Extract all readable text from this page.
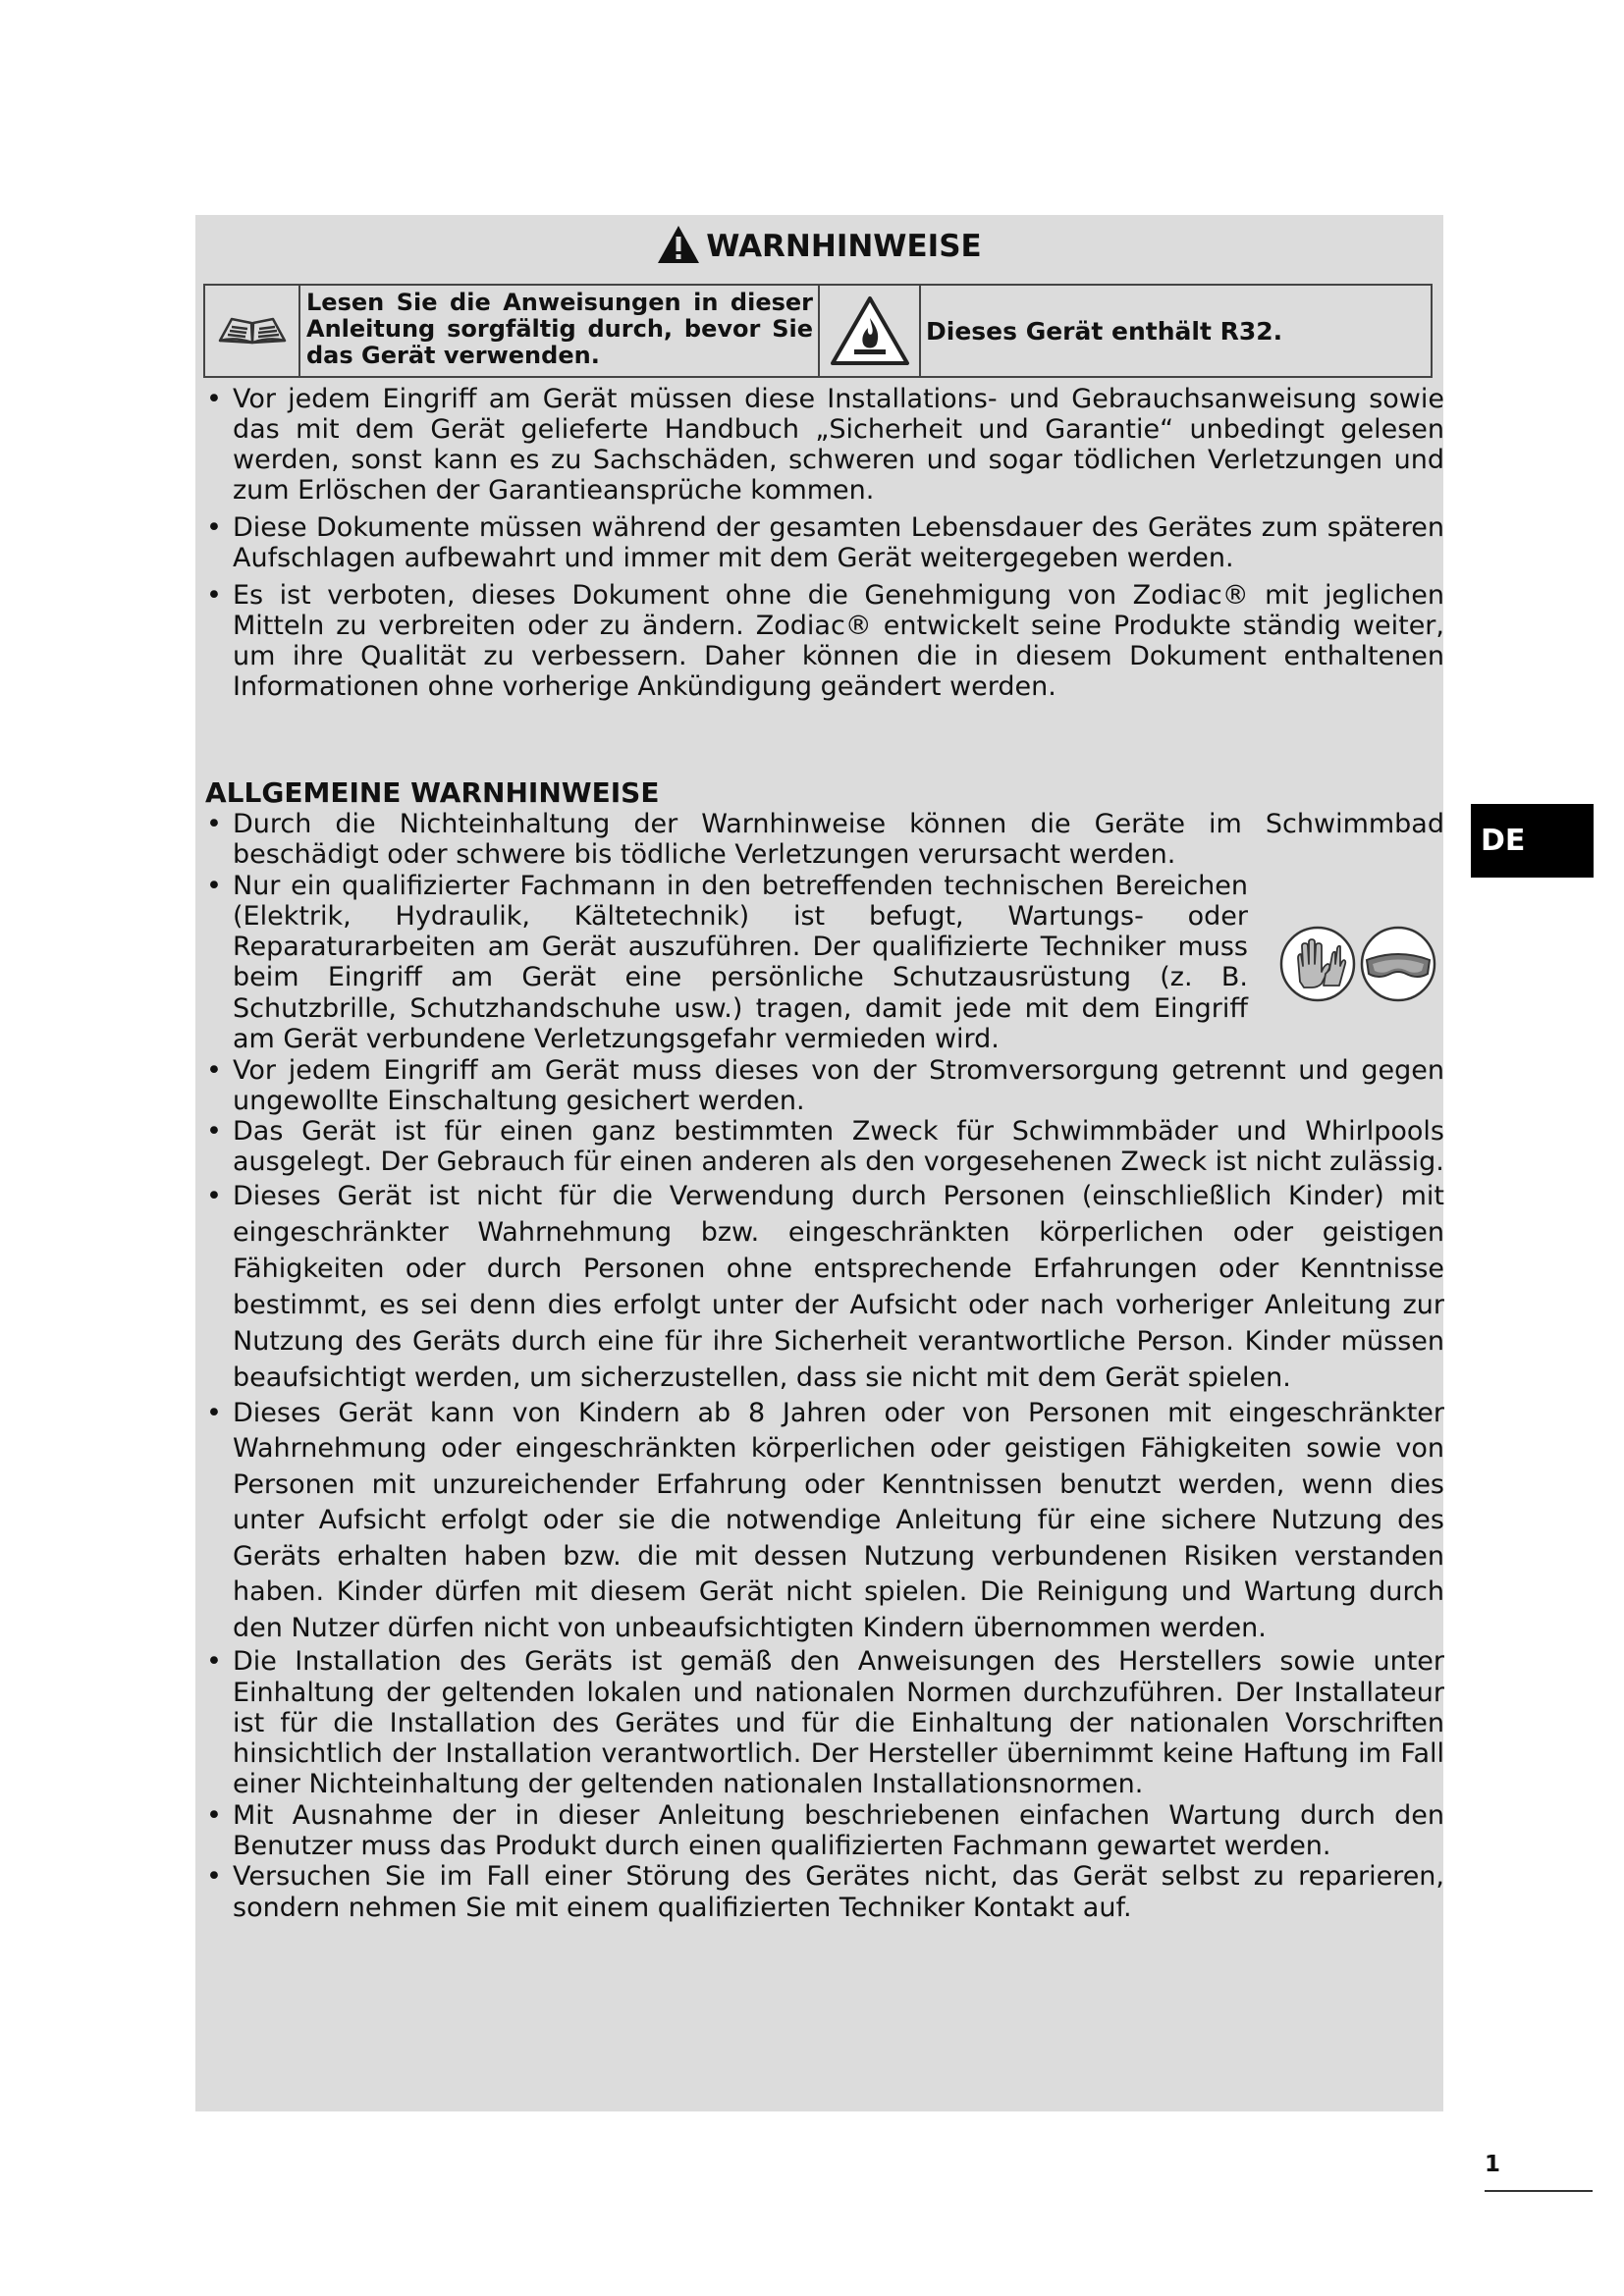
WARNHINWEISE
Lesen Sie die Anweisungen in dieser Anleitung sorgfältig durch, bevor Sie das Gerät verwenden.
Dieses Gerät enthält R32.
• Vor jedem Eingriff am Gerät müssen diese Installations- und Gebrauchsanweisung sowie das mit dem Gerät gelieferte Handbuch „Sicherheit und Garantie“ unbedingt gelesen werden, sonst kann es zu Sachschäden, schweren und sogar tödlichen Verletzungen und zum Erlöschen der Garantieansprüche kommen.
• Diese Dokumente müssen während der gesamten Lebensdauer des Gerätes zum späteren Aufschlagen aufbewahrt und immer mit dem Gerät weitergegeben werden.
• Es ist verboten, dieses Dokument ohne die Genehmigung von Zodiac® mit jeglichen Mitteln zu verbreiten oder zu ändern. Zodiac® entwickelt seine Produkte ständig weiter, um ihre Qualität zu verbessern. Daher können die in diesem Dokument enthaltenen Informationen ohne vorherige Ankündigung geändert werden.
ALLGEMEINE WARNHINWEISE
• Durch die Nichteinhaltung der Warnhinweise können die Geräte im Schwimmbad beschädigt oder schwere bis tödliche Verletzungen verursacht werden.
• Nur ein qualifizierter Fachmann in den betreffenden technischen Bereichen (Elektrik, Hydraulik, Kältetechnik) ist befugt, Wartungs- oder Reparaturarbeiten am Gerät auszuführen. Der qualifizierte Techniker muss beim Eingriff am Gerät eine persönliche Schutzausrüstung (z. B. Schutzbrille, Schutzhandschuhe usw.) tragen, damit jede mit dem Eingriff am Gerät verbundene Verletzungsgefahr vermieden wird.
• Vor jedem Eingriff am Gerät muss dieses von der Stromversorgung getrennt und gegen ungewollte Einschaltung gesichert werden.
• Das Gerät ist für einen ganz bestimmten Zweck für Schwimmbäder und Whirlpools ausgelegt. Der Gebrauch für einen anderen als den vorgesehenen Zweck ist nicht zulässig.
• Dieses Gerät ist nicht für die Verwendung durch Personen (einschließlich Kinder) mit eingeschränkter Wahrnehmung bzw. eingeschränkten körperlichen oder geistigen Fähigkeiten oder durch Personen ohne entsprechende Erfahrungen oder Kenntnisse bestimmt, es sei denn dies erfolgt unter der Aufsicht oder nach vorheriger Anleitung zur Nutzung des Geräts durch eine für ihre Sicherheit verantwortliche Person. Kinder müssen beaufsichtigt werden, um sicherzustellen, dass sie nicht mit dem Gerät spielen.
• Dieses Gerät kann von Kindern ab 8 Jahren oder von Personen mit eingeschränkter Wahrnehmung oder eingeschränkten körperlichen oder geistigen Fähigkeiten sowie von Personen mit unzureichender Erfahrung oder Kenntnissen benutzt werden, wenn dies unter Aufsicht erfolgt oder sie die notwendige Anleitung für eine sichere Nutzung des Geräts erhalten haben bzw. die mit dessen Nutzung verbundenen Risiken verstanden haben. Kinder dürfen mit diesem Gerät nicht spielen. Die Reinigung und Wartung durch den Nutzer dürfen nicht von unbeaufsichtigten Kindern übernommen werden.
• Die Installation des Geräts ist gemäß den Anweisungen des Herstellers sowie unter Einhaltung der geltenden lokalen und nationalen Normen durchzuführen. Der Installateur ist für die Installation des Gerätes und für die Einhaltung der nationalen Vorschriften hinsichtlich der Installation verantwortlich. Der Hersteller übernimmt keine Haftung im Fall einer Nichteinhaltung der geltenden nationalen Installationsnormen.
• Mit Ausnahme der in dieser Anleitung beschriebenen einfachen Wartung durch den Benutzer muss das Produkt durch einen qualifizierten Fachmann gewartet werden.
• Versuchen Sie im Fall einer Störung des Gerätes nicht, das Gerät selbst zu reparieren, sondern nehmen Sie mit einem qualifizierten Techniker Kontakt auf.
DE
1
